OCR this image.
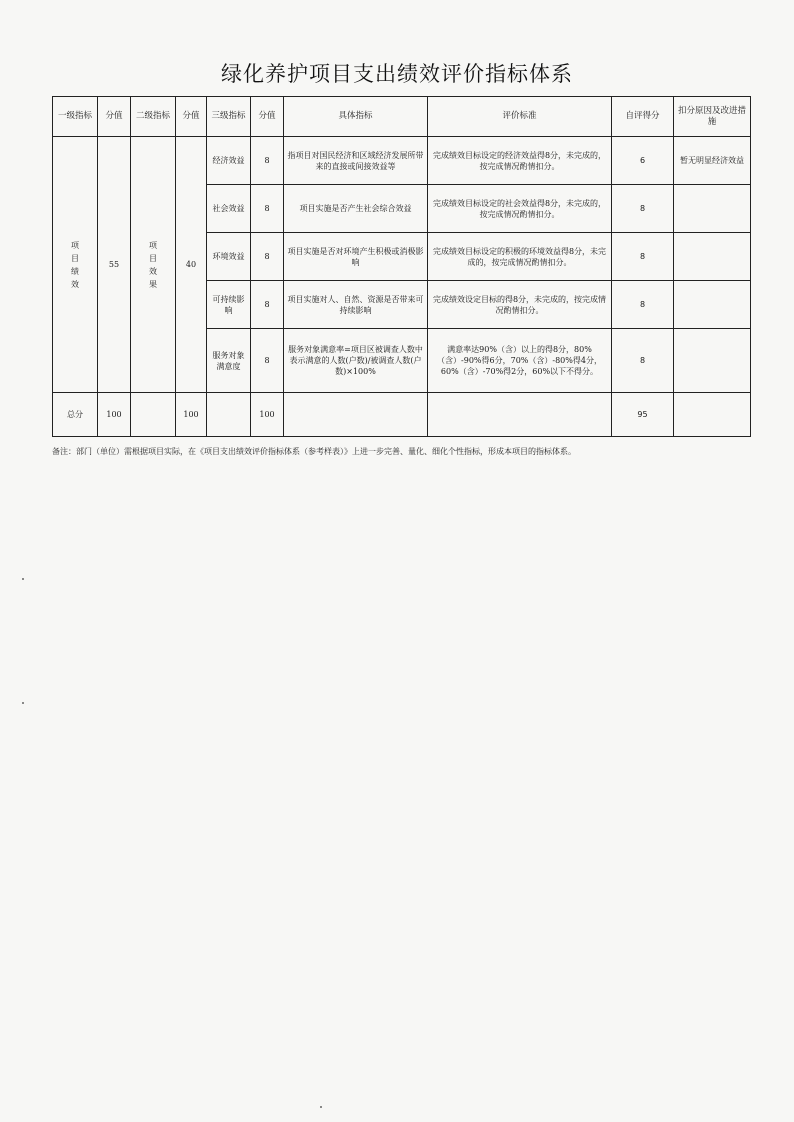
绿化养护项目支出绩效评价指标体系
一级指标	分值	二级指标	分值	三级指标	分值	具体指标	评价标准	自评得分	扣分原因及改进措施
项目绩效	55	项目效果	40	经济效益	8	指项目对国民经济和区域经济发展所带来的直接或间接效益等	完成绩效目标设定的经济效益得8分，未完成的，按完成情况酌情扣分。	6	暂无明显经济效益
				社会效益	8	项目实施是否产生社会综合效益	完成绩效目标设定的社会效益得8分，未完成的，按完成情况酌情扣分。	8	
				环境效益	8	项目实施是否对环境产生积极或消极影响	完成绩效目标设定的积极的环境效益得8分，未完成的，按完成情况酌情扣分。	8	
				可持续影响	8	项目实施对人、自然、资源是否带来可持续影响	完成绩效设定目标的得8分，未完成的，按完成情况酌情扣分。	8	
				服务对象满意度	8	服务对象满意率=项目区被调查人数中表示满意的人数(户数)/被调查人数(户数)×100%	满意率达90%（含）以上的得8分，80%（含）-90%得6分，70%（含）-80%得4分，60%（含）-70%得2分，60%以下不得分。	8	
总分	100		100		100			95	
备注：部门（单位）需根据项目实际，在《项目支出绩效评价指标体系（参考样表）》上进一步完善、量化、细化个性指标，形成本项目的指标体系。
